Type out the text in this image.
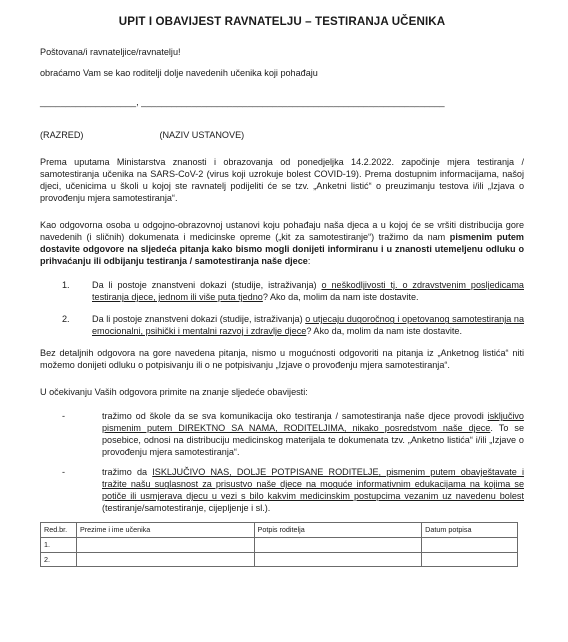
UPIT I OBAVIJEST RAVNATELJU – TESTIRANJA UČENIKA

Poštovana/i ravnateljice/ravnatelju!

obraćamo Vam se kao roditelji dolje navedenih učenika koji pohađaju

___________________, ____________________________________________________________

(RAZRED)	(NAZIV USTANOVE)

Prema uputama Ministarstva znanosti i obrazovanja od ponedjeljka 14.2.2022. započinje mjera testiranja / samotestiranja učenika na SARS-CoV-2 (virus koji uzrokuje bolest COVID-19). Prema dostupnim informacijama, našoj djeci, učenicima u školi u kojoj ste ravnatelj podijeliti će se tzv. „Anketni listić“ o preuzimanju testova i/ili „Izjava o provođenju mjera samotestiranja“.

Kao odgovorna osoba u odgojno-obrazovnoj ustanovi koju pohađaju naša djeca a u kojoj će se vršiti distribucija gore navedenih (i sličnih) dokumenata i medicinske opreme („kit za samotestiranje“) tražimo da nam pismenim putem dostavite odgovore na sljedeća pitanja kako bismo mogli donijeti informiranu i u znanosti utemeljenu odluku o prihvaćanju ili odbijanju testiranja / samotestiranja naše djece:

1. Da li postoje znanstveni dokazi (studije, istraživanja) o neškodljivosti tj. o zdravstvenim posljedicama testiranja djece, jednom ili više puta tjedno? Ako da, molim da nam iste dostavite.
2. Da li postoje znanstveni dokazi (studije, istraživanja) o utjecaju dugoročnog i opetovanog samotestiranja na emocionalni, psihički i mentalni razvoj i zdravlje djece? Ako da, molim da nam iste dostavite.

Bez detaljnih odgovora na gore navedena pitanja, nismo u mogućnosti odgovoriti na pitanja iz „Anketnog listića“ niti možemo donijeti odluku o potpisivanju ili o ne potpisivanju „Izjave o provođenju mjera samotestiranja“.

U očekivanju Vaših odgovora primite na znanje sljedeće obavijesti:

-	tražimo od škole da se sva komunikacija oko testiranja / samotestiranja naše djece provodi isključivo pismenim putem DIREKTNO SA NAMA, RODITELJIMA, nikako posredstvom naše djece. To se posebice, odnosi na distribuciju medicinskog materijala te dokumenata tzv. „Anketno listića“ i/ili „Izjave o provođenju mjera samotestiranja“.
-	tražimo da ISKLJUČIVO NAS, DOLJE POTPISANE RODITELJE, pismenim putem obavještavate i tražite našu suglasnost za prisustvo naše djece na moguće informativnim edukacijama na kojima se potiče ili usmjerava djecu u vezi s bilo kakvim medicinskim postupcima vezanim uz navedenu bolest (testiranje/samotestiranje, cijepljenje i sl.).
Red.br.	Prezime i ime učenika	Potpis roditelja	Datum potpisa
1.			
2.			
